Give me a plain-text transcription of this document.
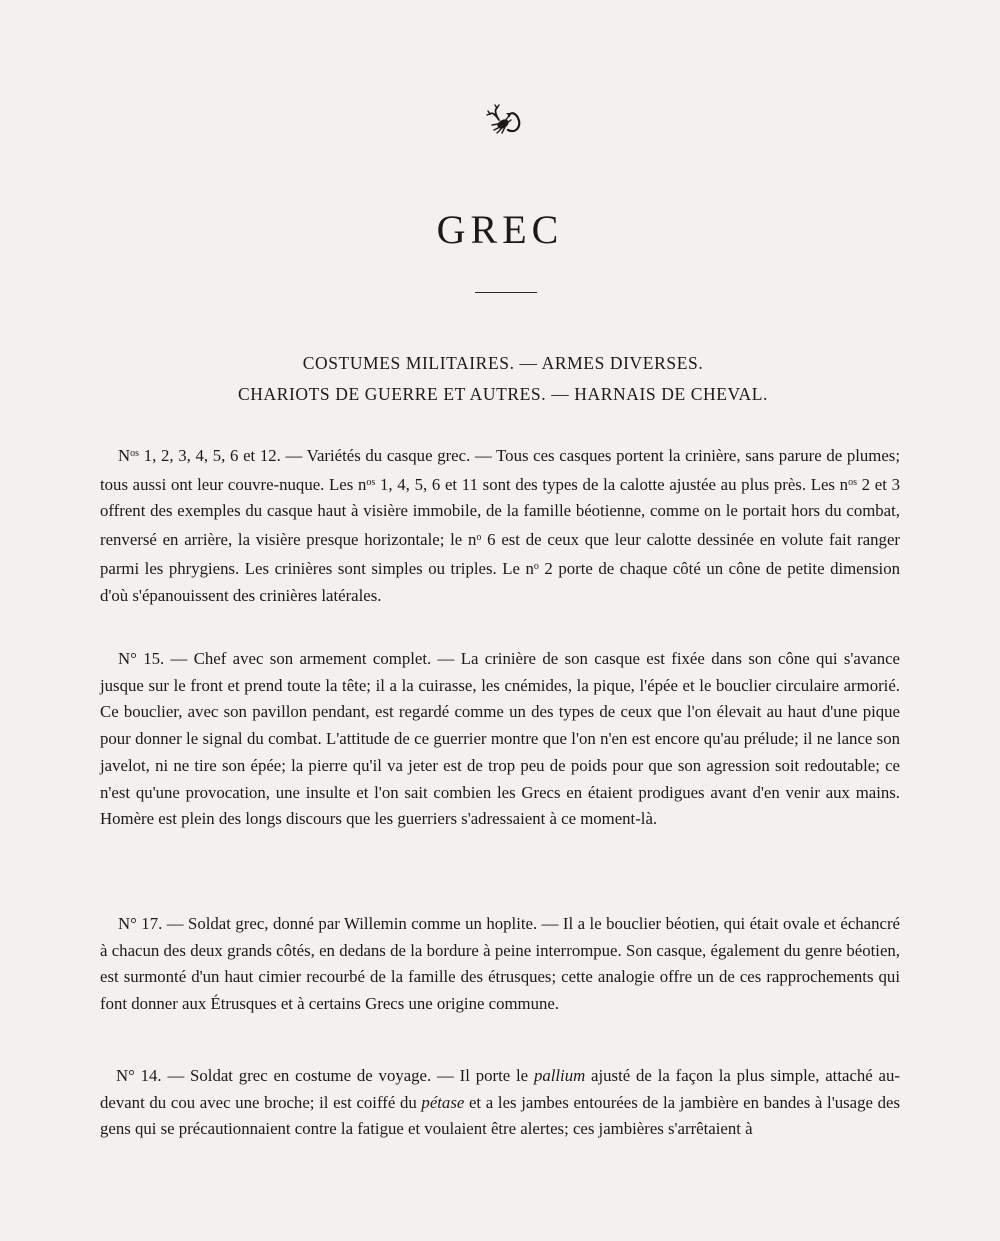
GREC

COSTUMES MILITAIRES. — ARMES DIVERSES.

CHARIOTS DE GUERRE ET AUTRES. — HARNAIS DE CHEVAL.

$N^{os}$ 1, 2, 3, 4, 5, 6 et 12. — Variétés du casque grec. — Tous ces casques portent la crinière, sans parure de plumes; tous aussi ont leur couvre-nuque. Les $n^{os}$ 1, 4, 5, 6 et 11 sont des types de la calotte ajustée au plus près. Les $n^{os}$ 2 et 3 offrent des exemples du casque haut à visière immobile, de la famille béotienne, comme on le portait hors du combat, renversé en arrière, la visière presque horizontale; le $n^o$ 6 est de ceux que leur calotte dessinée en volute fait ranger parmi les phrygiens. Les crinières sont simples ou triples. Le $n^o$ 2 porte de chaque côté un cône de petite dimension d'où s'épanouissent des crinières latérales.

N° 15. — Chef avec son armement complet. — La crinière de son casque est fixée dans son cône qui s'avance jusque sur le front et prend toute la tête; il a la cuirasse, les cnémides, la pique, l'épée et le bouclier circulaire armorié. Ce bouclier, avec son pavillon pendant, est regardé comme un des types de ceux que l'on élevait au haut d'une pique pour donner le signal du combat. L'attitude de ce guerrier montre que l'on n'en est encore qu'au prélude; il ne lance son javelot, ni ne tire son épée; la pierre qu'il va jeter est de trop peu de poids pour que son agression soit redoutable; ce n'est qu'une provocation, une insulte et l'on sait combien les Grecs en étaient prodigues avant d'en venir aux mains. Homère est plein des longs discours que les guerriers s'adressaient à ce moment-là.

N° 17. — Soldat grec, donné par Willemin comme un hoplite. — Il a le bouclier béotien, qui était ovale et échancré à chacun des deux grands côtés, en dedans de la bordure à peine interrompue. Son casque, également du genre béotien, est surmonté d'un haut cimier recourbé de la famille des étrusques; cette analogie offre un de ces rapprochements qui font donner aux Étrusques et à certains Grecs une origine commune.

N° 14. — Soldat grec en costume de voyage. — Il porte le pallium ajusté de la façon la plus simple, attaché au-devant du cou avec une broche; il est coiffé du pétase et a les jambes entourées de la jambière en bandes à l'usage des gens qui se précautionnaient contre la fatigue et voulaient être alertes; ces jambières s'arrêtaient à
